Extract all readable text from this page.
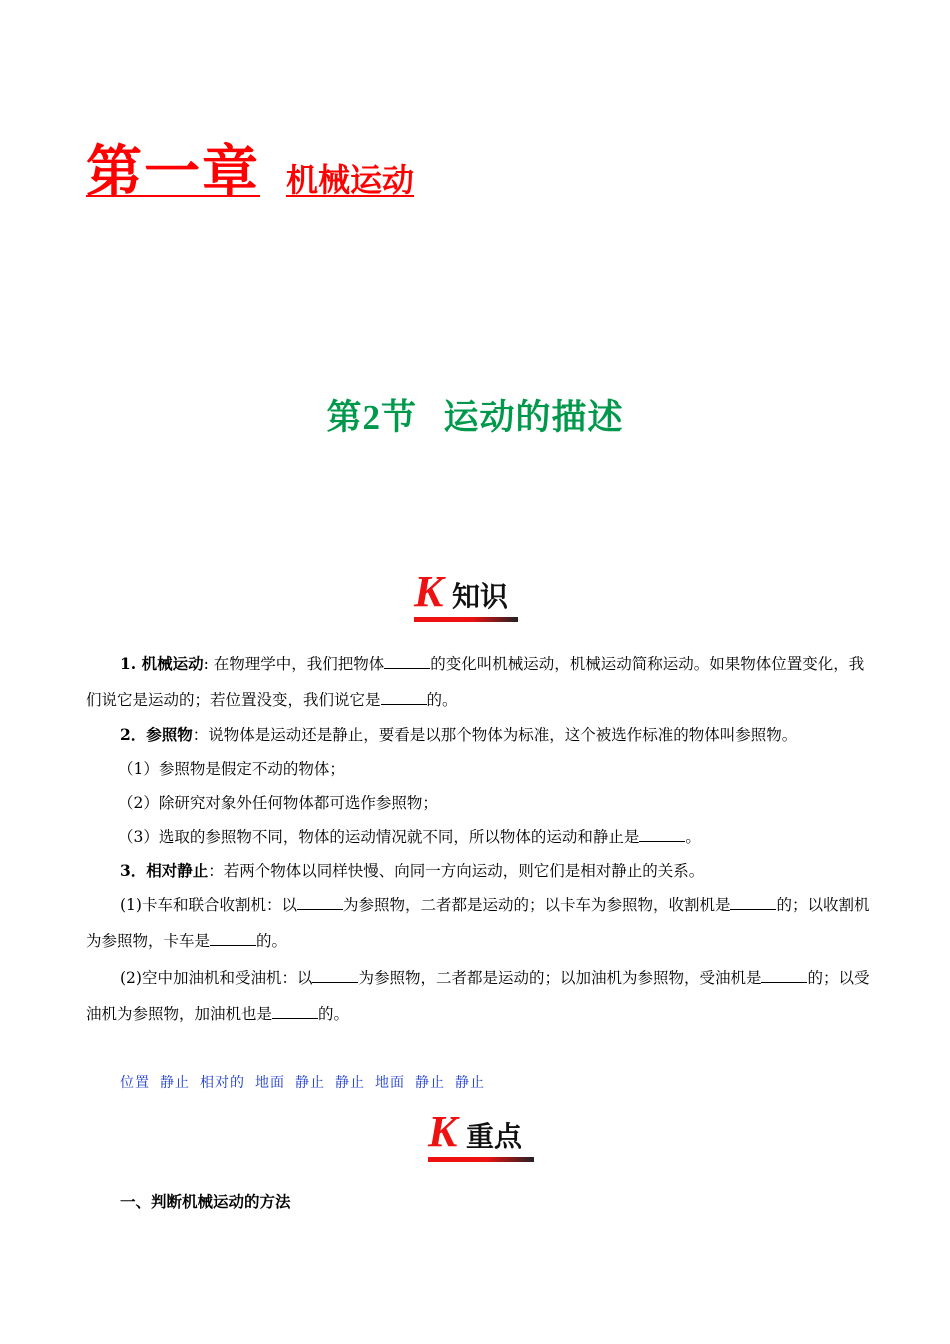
第一章 机械运动
第2节 运动的描述
K 知识
1. 机械运动: 在物理学中，我们把物体	的变化叫机械运动，机械运动简称运动。如果物体位置变化，我们说它是运动的；若位置没变，我们说它是	的。
2．参照物：说物体是运动还是静止，要看是以那个物体为标准，这个被选作标准的物体叫参照物。
（1）参照物是假定不动的物体；
（2）除研究对象外任何物体都可选作参照物；
（3）选取的参照物不同，物体的运动情况就不同，所以物体的运动和静止是	。
3．相对静止：若两个物体以同样快慢、向同一方向运动，则它们是相对静止的关系。
(1)卡车和联合收割机：以	为参照物，二者都是运动的；以卡车为参照物，收割机是	的；以收割机为参照物，卡车是	的。
(2)空中加油机和受油机：以	为参照物，二者都是运动的；以加油机为参照物，受油机是	的；以受油机为参照物，加油机也是	的。
位置 静止 相对的 地面 静止 静止 地面 静止 静止
K 重点
一、判断机械运动的方法
